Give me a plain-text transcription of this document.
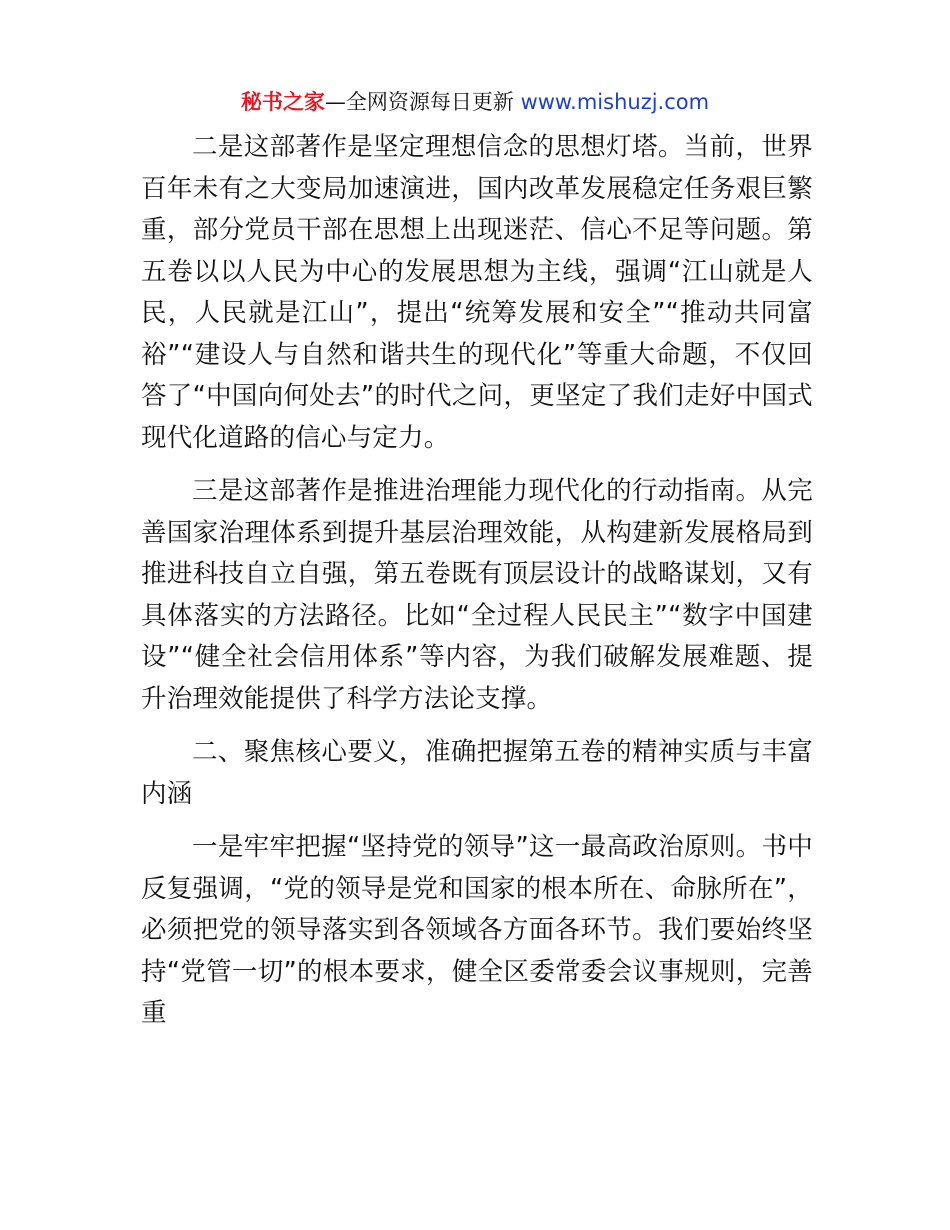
秘书之家—全网资源每日更新 www.mishuzj.com

二是这部著作是坚定理想信念的思想灯塔。当前，世界百年未有之大变局加速演进，国内改革发展稳定任务艰巨繁重，部分党员干部在思想上出现迷茫、信心不足等问题。第五卷以以人民为中心的发展思想为主线，强调“江山就是人民，人民就是江山”，提出“统筹发展和安全”“推动共同富裕”“建设人与自然和谐共生的现代化”等重大命题，不仅回答了“中国向何处去”的时代之问，更坚定了我们走好中国式现代化道路的信心与定力。

三是这部著作是推进治理能力现代化的行动指南。从完善国家治理体系到提升基层治理效能，从构建新发展格局到推进科技自立自强，第五卷既有顶层设计的战略谋划，又有具体落实的方法路径。比如“全过程人民民主”“数字中国建设”“健全社会信用体系”等内容，为我们破解发展难题、提升治理效能提供了科学方法论支撑。

二、聚焦核心要义，准确把握第五卷的精神实质与丰富内涵

一是牢牢把握“坚持党的领导”这一最高政治原则。书中反复强调，“党的领导是党和国家的根本所在、命脉所在”，必须把党的领导落实到各领域各方面各环节。我们要始终坚持“党管一切”的根本要求，健全区委常委会议事规则，完善重
